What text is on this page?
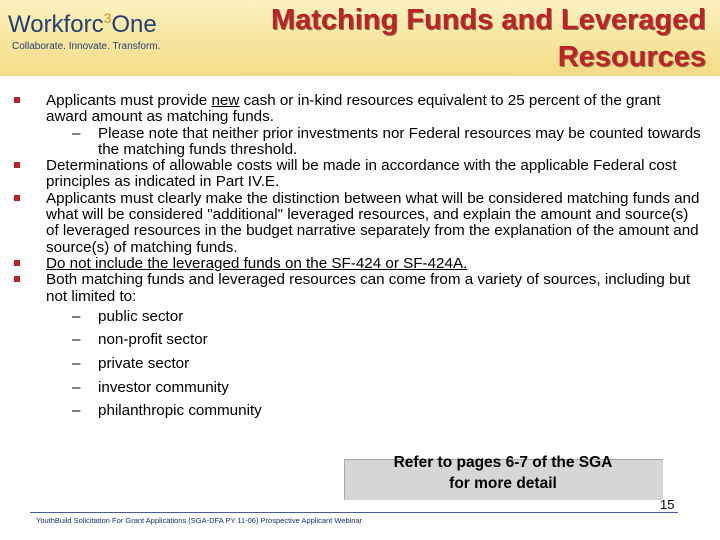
Workforc$^3$One
Collaborate. Innovate. Transform.
Matching Funds and Leveraged
Resources
Applicants must provide new cash or in-kind resources equivalent to 25 percent of the grant award amount as matching funds.
– Please note that neither prior investments nor Federal resources may be counted towards the matching funds threshold.
Determinations of allowable costs will be made in accordance with the applicable Federal cost principles as indicated in Part IV.E.
Applicants must clearly make the distinction between what will be considered matching funds and what will be considered "additional" leveraged resources, and explain the amount and source(s) of leveraged resources in the budget narrative separately from the explanation of the amount and source(s) of matching funds.
Do not include the leveraged funds on the SF-424 or SF-424A.
Both matching funds and leveraged resources can come from a variety of sources, including but not limited to:
– public sector
– non-profit sector
– private sector
– investor community
– philanthropic community
Refer to pages 6-7 of the SGA
for more detail
15
YouthBuild Solicitation For Grant Applications (SGA-DFA PY 11-06) Prospective Applicant Webinar
